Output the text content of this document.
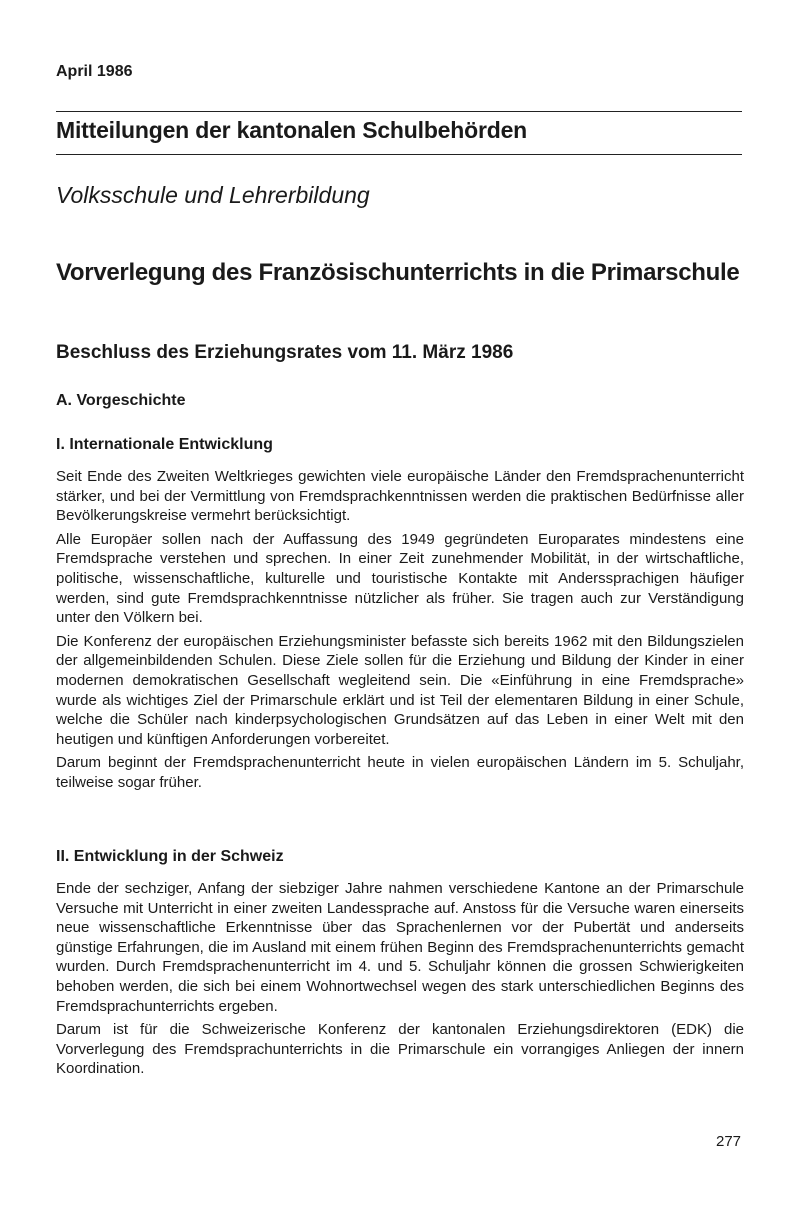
April 1986
Mitteilungen der kantonalen Schulbehörden
Volksschule und Lehrerbildung
Vorverlegung des Französischunterrichts in die Primarschule
Beschluss des Erziehungsrates vom 11. März 1986
A. Vorgeschichte
I. Internationale Entwicklung

Seit Ende des Zweiten Weltkrieges gewichten viele europäische Länder den Fremdsprachenunterricht stärker, und bei der Vermittlung von Fremdsprachkenntnissen werden die praktischen Bedürfnisse aller Bevölkerungskreise vermehrt berücksichtigt.

Alle Europäer sollen nach der Auffassung des 1949 gegründeten Europarates mindestens eine Fremdsprache verstehen und sprechen. In einer Zeit zunehmender Mobilität, in der wirtschaftliche, politische, wissenschaftliche, kulturelle und touristische Kontakte mit Anderssprachigen häufiger werden, sind gute Fremdsprachkenntnisse nützlicher als früher. Sie tragen auch zur Verständigung unter den Völkern bei.

Die Konferenz der europäischen Erziehungsminister befasste sich bereits 1962 mit den Bildungszielen der allgemeinbildenden Schulen. Diese Ziele sollen für die Erziehung und Bildung der Kinder in einer modernen demokratischen Gesellschaft wegleitend sein. Die «Einführung in eine Fremdsprache» wurde als wichtiges Ziel der Primarschule erklärt und ist Teil der elementaren Bildung in einer Schule, welche die Schüler nach kinderpsychologischen Grundsätzen auf das Leben in einer Welt mit den heutigen und künftigen Anforderungen vorbereitet.

Darum beginnt der Fremdsprachenunterricht heute in vielen europäischen Ländern im 5. Schuljahr, teilweise sogar früher.

II. Entwicklung in der Schweiz

Ende der sechziger, Anfang der siebziger Jahre nahmen verschiedene Kantone an der Primarschule Versuche mit Unterricht in einer zweiten Landessprache auf. Anstoss für die Versuche waren einerseits neue wissenschaftliche Erkenntnisse über das Sprachenlernen vor der Pubertät und anderseits günstige Erfahrungen, die im Ausland mit einem frühen Beginn des Fremdsprachenunterrichts gemacht wurden. Durch Fremdsprachenunterricht im 4. und 5. Schuljahr können die grossen Schwierigkeiten behoben werden, die sich bei einem Wohnortwechsel wegen des stark unterschiedlichen Beginns des Fremdsprachunterrichts ergeben.

Darum ist für die Schweizerische Konferenz der kantonalen Erziehungsdirektoren (EDK) die Vorverlegung des Fremdsprachunterrichts in die Primarschule ein vorrangiges Anliegen der innern Koordination.

277
